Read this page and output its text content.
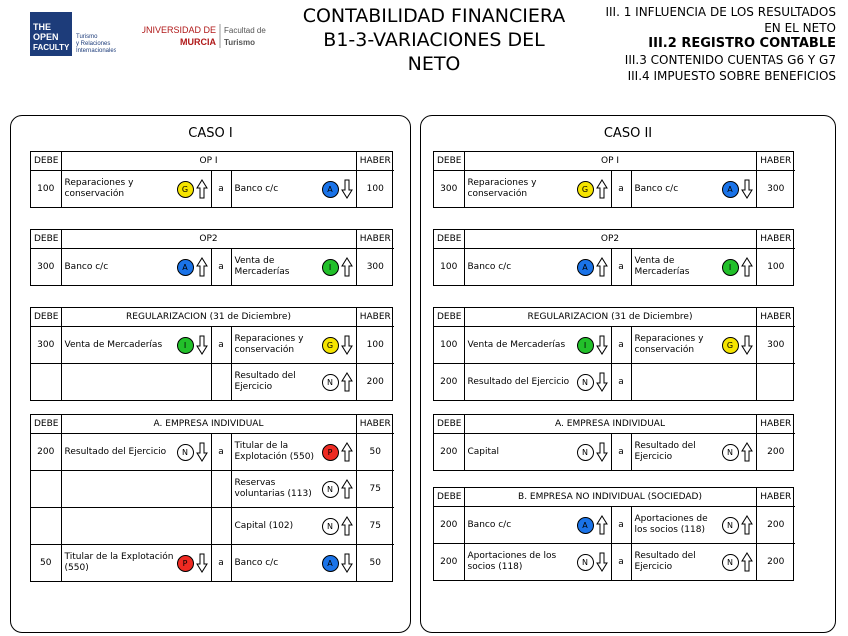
THE
OPEN
FACULTY
Turismo
y Relaciones
Internacionales
UNIVERSIDAD DE
MURCIA
Facultad de
Turismo
CONTABILIDAD FINANCIERA
B1-3-VARIACIONES DEL NETO
III. 1 INFLUENCIA DE LOS RESULTADOS
EN EL NETO
III.2 REGISTRO CONTABLE
III.3 CONTENIDO CUENTAS G6 Y G7
III.4 IMPUESTO SOBRE BENEFICIOS
CASO I	CASO II
DEBE	OP I			HABER
100	Reparaciones y conservación G	a	Banco c/c A	100
DEBE	OP2			HABER
300	Banco c/c A	a	Venta de Mercaderías I	300
DEBE	REGULARIZACION (31 de Diciembre)			HABER
300	Venta de Mercaderías I	a	Reparaciones y conservación G	100

			Resultado del Ejercicio N	200
DEBE	A. EMPRESA INDIVIDUAL			HABER
200	Resultado del Ejercicio N	a	Titular de la Explotación (550) P	50

			Reservas voluntarias (113) N	75

			Capital (102) N	75
50	Titular de la Explotación (550) P	a	Banco c/c A	50
DEBE	OP I			HABER
300	Reparaciones y conservación G	a	Banco c/c A	300
DEBE	OP2			HABER
100	Banco c/c A	a	Venta de Mercaderías I	100
DEBE	REGULARIZACION (31 de Diciembre)			HABER
100	Venta de Mercaderías I	a	Reparaciones y conservación G	300
200	Resultado del Ejercicio N	a		
DEBE	A. EMPRESA INDIVIDUAL			HABER
200	Capital N	a	Resultado del Ejercicio N	200
DEBE	B. EMPRESA NO INDIVIDUAL (SOCIEDAD)			HABER
200	Banco c/c A	a	Aportaciones de los socios (118) N	200
200	Aportaciones de los socios (118) N	a	Resultado del Ejercicio N	200
